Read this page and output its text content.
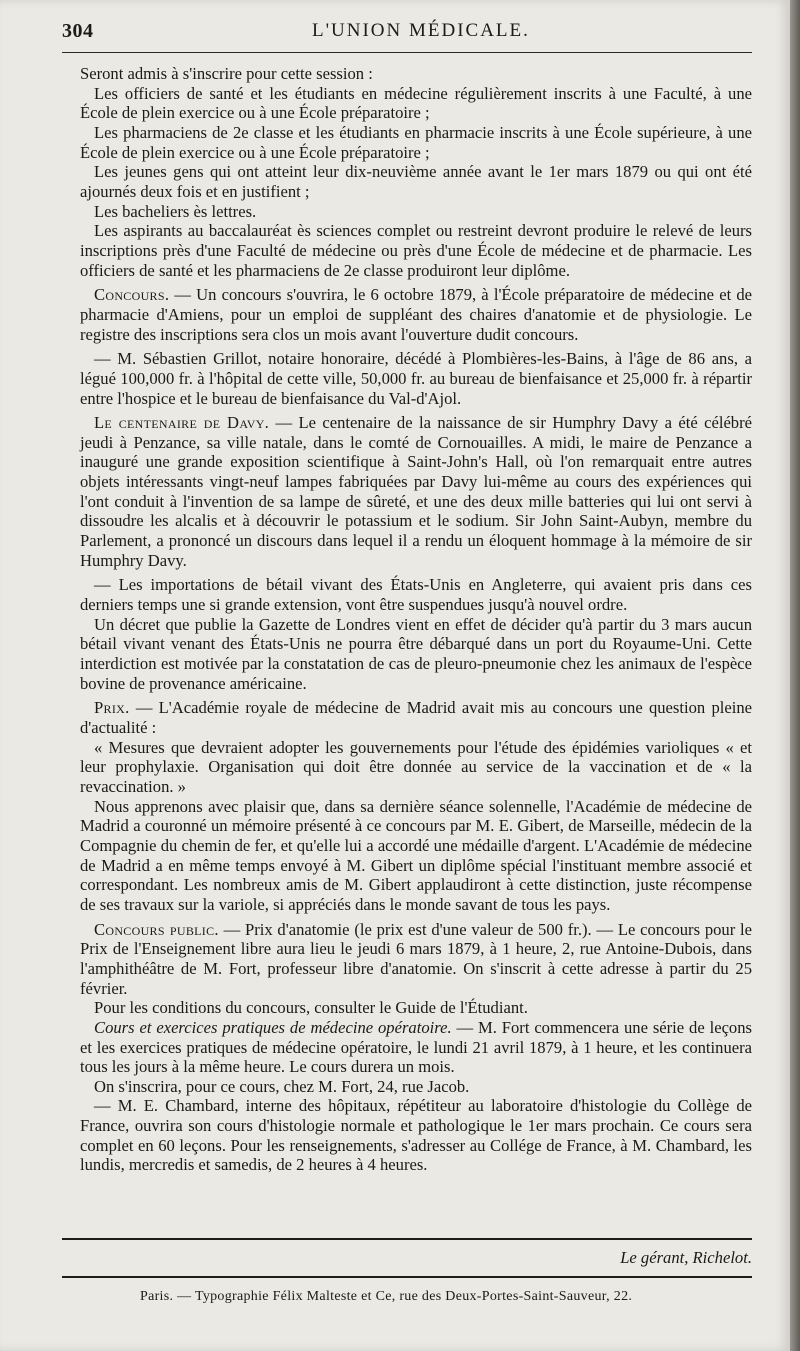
304	L'UNION MÉDICALE.

Seront admis à s'inscrire pour cette session :

Les officiers de santé et les étudiants en médecine régulièrement inscrits à une Faculté, à une École de plein exercice ou à une École préparatoire ;

Les pharmaciens de 2e classe et les étudiants en pharmacie inscrits à une École supérieure, à une École de plein exercice ou à une École préparatoire ;

Les jeunes gens qui ont atteint leur dix-neuvième année avant le 1er mars 1879 ou qui ont été ajournés deux fois et en justifient ;

Les bacheliers ès lettres.

Les aspirants au baccalauréat ès sciences complet ou restreint devront produire le relevé de leurs inscriptions près d'une Faculté de médecine ou près d'une École de médecine et de pharmacie. Les officiers de santé et les pharmaciens de 2e classe produiront leur diplôme.

Concours. — Un concours s'ouvrira, le 6 octobre 1879, à l'École préparatoire de médecine et de pharmacie d'Amiens, pour un emploi de suppléant des chaires d'anatomie et de physiologie. Le registre des inscriptions sera clos un mois avant l'ouverture dudit concours.

— M. Sébastien Grillot, notaire honoraire, décédé à Plombières-les-Bains, à l'âge de 86 ans, a légué 100,000 fr. à l'hôpital de cette ville, 50,000 fr. au bureau de bienfaisance et 25,000 fr. à répartir entre l'hospice et le bureau de bienfaisance du Val-d'Ajol.

Le centenaire de Davy. — Le centenaire de la naissance de sir Humphry Davy a été célébré jeudi à Penzance, sa ville natale, dans le comté de Cornouailles. A midi, le maire de Penzance a inauguré une grande exposition scientifique à Saint-John's Hall, où l'on remarquait entre autres objets intéressants vingt-neuf lampes fabriquées par Davy lui-même au cours des expériences qui l'ont conduit à l'invention de sa lampe de sûreté, et une des deux mille batteries qui lui ont servi à dissoudre les alcalis et à découvrir le potassium et le sodium. Sir John Saint-Aubyn, membre du Parlement, a prononcé un discours dans lequel il a rendu un éloquent hommage à la mémoire de sir Humphry Davy.

— Les importations de bétail vivant des États-Unis en Angleterre, qui avaient pris dans ces derniers temps une si grande extension, vont être suspendues jusqu'à nouvel ordre.

Un décret que publie la Gazette de Londres vient en effet de décider qu'à partir du 3 mars aucun bétail vivant venant des États-Unis ne pourra être débarqué dans un port du Royaume-Uni. Cette interdiction est motivée par la constatation de cas de pleuro-pneumonie chez les animaux de l'espèce bovine de provenance américaine.

Prix. — L'Académie royale de médecine de Madrid avait mis au concours une question pleine d'actualité :

« Mesures que devraient adopter les gouvernements pour l'étude des épidémies varioliques « et leur prophylaxie. Organisation qui doit être donnée au service de la vaccination et de « la revaccination. »

Nous apprenons avec plaisir que, dans sa dernière séance solennelle, l'Académie de médecine de Madrid a couronné un mémoire présenté à ce concours par M. E. Gibert, de Marseille, médecin de la Compagnie du chemin de fer, et qu'elle lui a accordé une médaille d'argent. L'Académie de médecine de Madrid a en même temps envoyé à M. Gibert un diplôme spécial l'instituant membre associé et correspondant. Les nombreux amis de M. Gibert applaudiront à cette distinction, juste récompense de ses travaux sur la variole, si appréciés dans le monde savant de tous les pays.

Concours public. — Prix d'anatomie (le prix est d'une valeur de 500 fr.). — Le concours pour le Prix de l'Enseignement libre aura lieu le jeudi 6 mars 1879, à 1 heure, 2, rue Antoine-Dubois, dans l'amphithéâtre de M. Fort, professeur libre d'anatomie. On s'inscrit à cette adresse à partir du 25 février.

Pour les conditions du concours, consulter le Guide de l'Étudiant.

Cours et exercices pratiques de médecine opératoire. — M. Fort commencera une série de leçons et les exercices pratiques de médecine opératoire, le lundi 21 avril 1879, à 1 heure, et les continuera tous les jours à la même heure. Le cours durera un mois.

On s'inscrira, pour ce cours, chez M. Fort, 24, rue Jacob.

— M. E. Chambard, interne des hôpitaux, répétiteur au laboratoire d'histologie du Collège de France, ouvrira son cours d'histologie normale et pathologique le 1er mars prochain. Ce cours sera complet en 60 leçons. Pour les renseignements, s'adresser au Collége de France, à M. Chambard, les lundis, mercredis et samedis, de 2 heures à 4 heures.

Le gérant, Richelot.
Paris. — Typographie Félix Malteste et Ce, rue des Deux-Portes-Saint-Sauveur, 22.
